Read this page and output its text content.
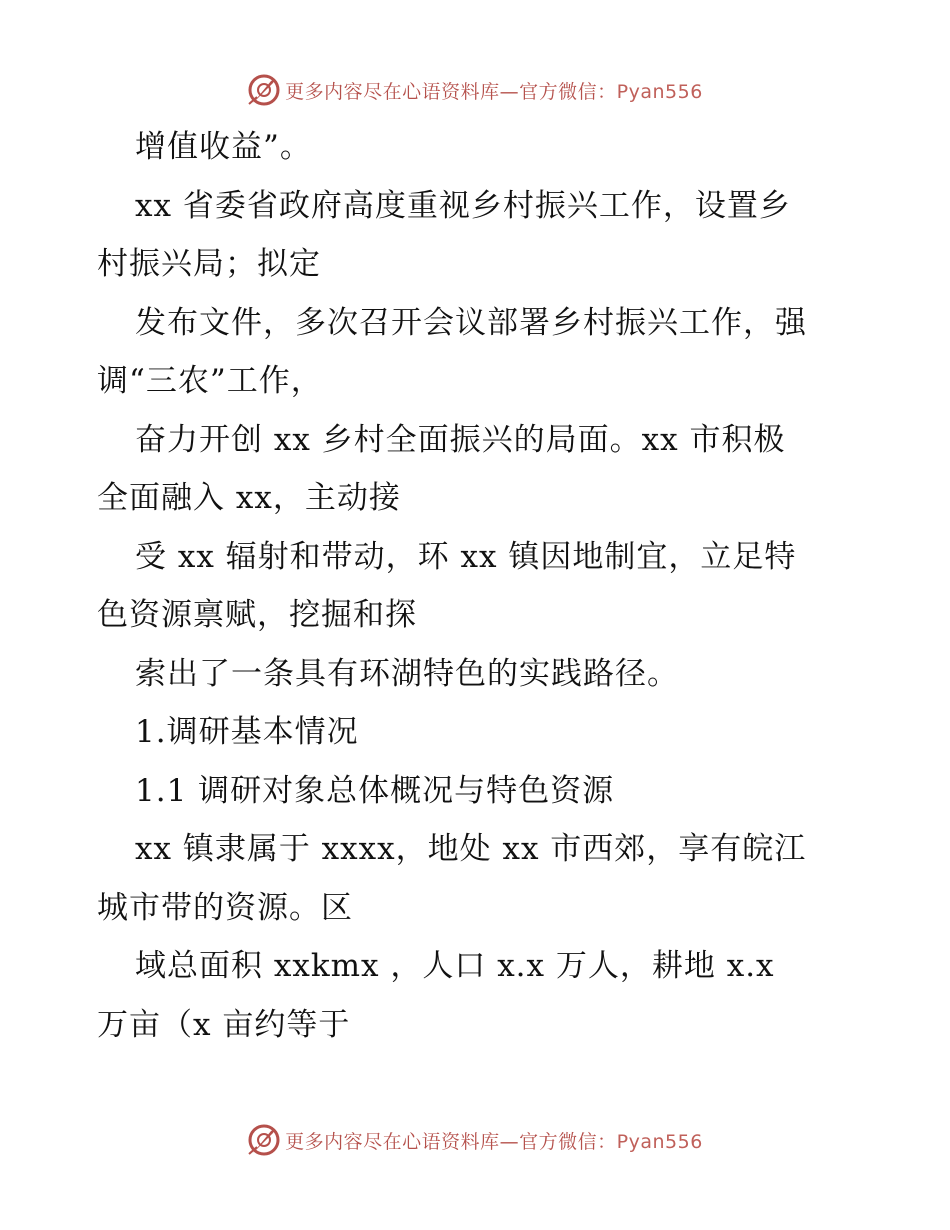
更多内容尽在心语资料库—官方微信：Pyan556

增值收益”。
xx 省委省政府高度重视乡村振兴工作，设置乡
村振兴局；拟定
发布文件，多次召开会议部署乡村振兴工作，强
调“三农”工作，
奋力开创 xx 乡村全面振兴的局面。xx 市积极
全面融入 xx，主动接
受 xx 辐射和带动，环 xx 镇因地制宜，立足特
色资源禀赋，挖掘和探
索出了一条具有环湖特色的实践路径。
1.调研基本情况
1.1 调研对象总体概况与特色资源
xx 镇隶属于 xxxx，地处 xx 市西郊，享有皖江
城市带的资源。区
域总面积 xxkmx ，人口 x.x 万人，耕地 x.x
万亩（x 亩约等于

更多内容尽在心语资料库—官方微信：Pyan556
